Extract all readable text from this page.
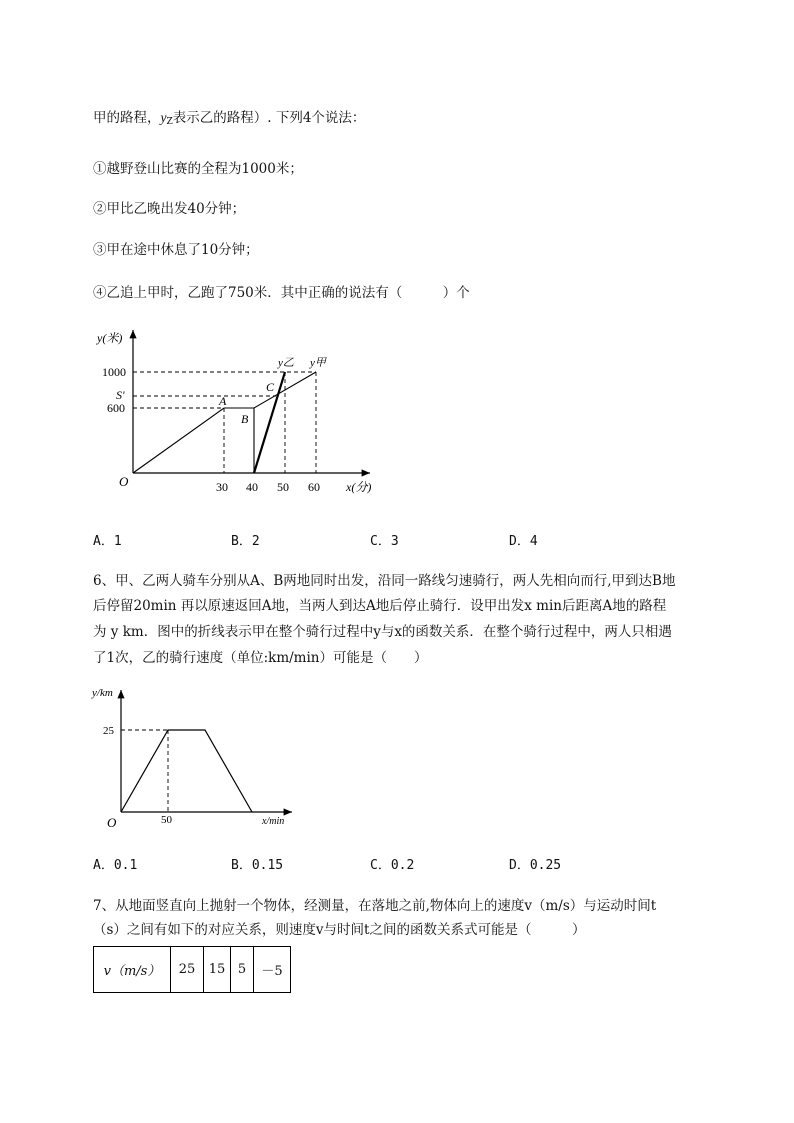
甲的路程，$y_Z$表示乙的路程）. 下列4个说法：
①越野登山比赛的全程为1000米；
②甲比乙晚出发40分钟；
③甲在途中休息了10分钟；
④乙追上甲时，乙跑了750米．其中正确的说法有（　　　）个
y(米)
x(分)
O
1000
S′
600
30 40 50 60
A
B
C
y乙 y甲
A．1	B．2	C．3	D．4
6、甲、乙两人骑车分别从A、B两地同时出发，沿同一路线匀速骑行，两人先相向而行,甲到达B地
后停留20min 再以原速返回A地，当两人到达A地后停止骑行．设甲出发x min后距离A地的路程
为 y km．图中的折线表示甲在整个骑行过程中y与x的函数关系．在整个骑行过程中，两人只相遇
了1次，乙的骑行速度（单位:km/min）可能是（　　）
y/km
x/min
O
25
50
A．0.1	B．0.15	C．0.2	D．0.25
7、从地面竖直向上抛射一个物体，经测量，在落地之前,物体向上的速度v（m/s）与运动时间t
（s）之间有如下的对应关系，则速度v与时间t之间的函数关系式可能是（　　　）
v（m/s）	25	15	5	－5
